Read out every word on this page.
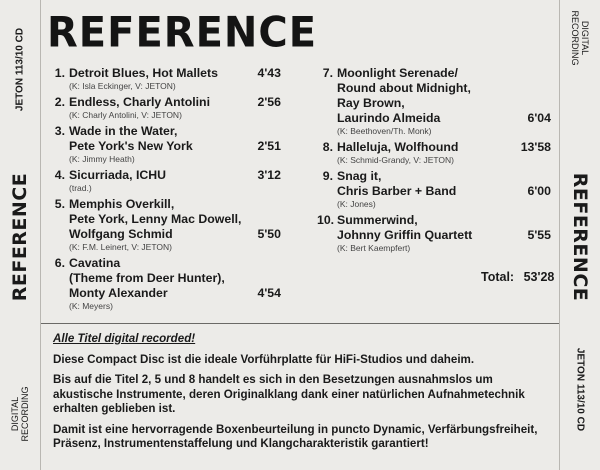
JETON 113/10 CD
REFERENCE
DIGITAL RECORDING
DIGITAL RECORDING
REFERENCE
JETON 113/10 CD
REFERENCE
1. Detroit Blues, Hot Mallets	4'43
(K: Isla Eckinger, V: JETON)
2. Endless, Charly Antolini	2'56
(K: Charly Antolini, V: JETON)
3. Wade in the Water,
Pete York's New York	2'51
(K: Jimmy Heath)
4. Sicurriada, ICHU	3'12
(trad.)
5. Memphis Overkill,
Pete York, Lenny Mac Dowell,
Wolfgang Schmid	5'50
(K: F.M. Leinert, V: JETON)
6. Cavatina
(Theme from Deer Hunter),
Monty Alexander	4'54
(K: Meyers)
7. Moonlight Serenade/
Round about Midnight,
Ray Brown,
Laurindo Almeida	6'04
(K: Beethoven/Th. Monk)
8. Halleluja, Wolfhound	13'58
(K: Schmid-Grandy, V: JETON)
9. Snag it,
Chris Barber + Band	6'00
(K: Jones)
10. Summerwind,
Johnny Griffin Quartett	5'55
(K: Bert Kaempfert)
Total: 53'28

Alle Titel digital recorded!

Diese Compact Disc ist die ideale Vorführplatte für HiFi-Studios und daheim.

Bis auf die Titel 2, 5 und 8 handelt es sich in den Besetzungen ausnahmslos um akustische Instrumente, deren Originalklang dank einer natürlichen Aufnahmetechnik erhalten geblieben ist.

Damit ist eine hervorragende Boxenbeurteilung in puncto Dynamic, Verfärbungsfreiheit, Präsenz, Instrumentenstaffelung und Klangcharakteristik garantiert!
